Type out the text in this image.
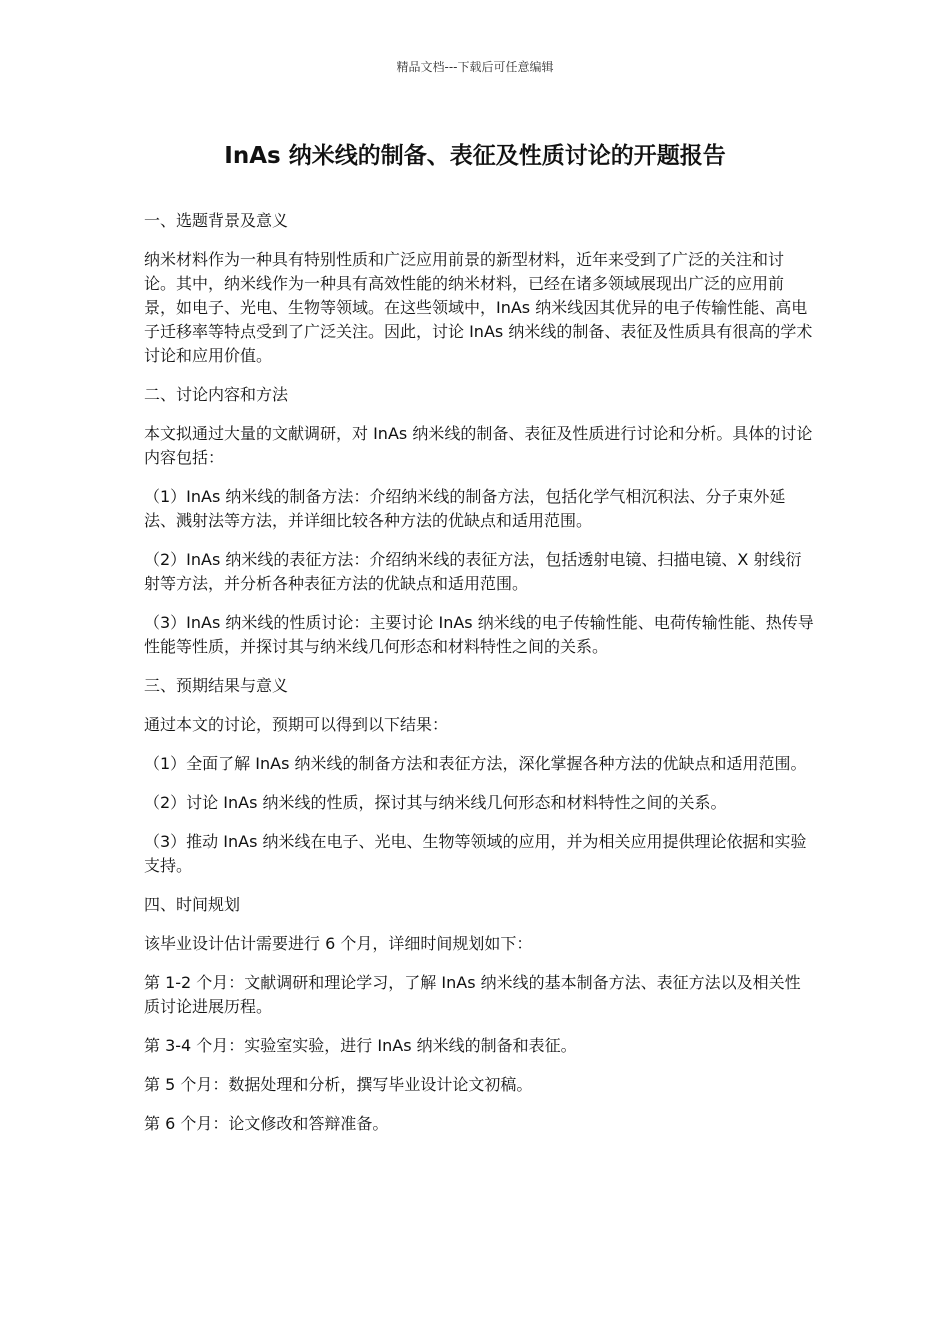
精品文档---下载后可任意编辑
InAs 纳米线的制备、表征及性质讨论的开题报告

一、选题背景及意义

纳米材料作为一种具有特别性质和广泛应用前景的新型材料，近年来受到了广泛的关注和讨论。其中，纳米线作为一种具有高效性能的纳米材料，已经在诸多领域展现出广泛的应用前景，如电子、光电、生物等领域。在这些领域中，InAs 纳米线因其优异的电子传输性能、高电子迁移率等特点受到了广泛关注。因此，讨论 InAs 纳米线的制备、表征及性质具有很高的学术讨论和应用价值。

二、讨论内容和方法

本文拟通过大量的文献调研，对 InAs 纳米线的制备、表征及性质进行讨论和分析。具体的讨论内容包括：

（1）InAs 纳米线的制备方法：介绍纳米线的制备方法，包括化学气相沉积法、分子束外延法、溅射法等方法，并详细比较各种方法的优缺点和适用范围。

（2）InAs 纳米线的表征方法：介绍纳米线的表征方法，包括透射电镜、扫描电镜、X 射线衍射等方法，并分析各种表征方法的优缺点和适用范围。

（3）InAs 纳米线的性质讨论：主要讨论 InAs 纳米线的电子传输性能、电荷传输性能、热传导性能等性质，并探讨其与纳米线几何形态和材料特性之间的关系。

三、预期结果与意义

通过本文的讨论，预期可以得到以下结果：

（1）全面了解 InAs 纳米线的制备方法和表征方法，深化掌握各种方法的优缺点和适用范围。

（2）讨论 InAs 纳米线的性质，探讨其与纳米线几何形态和材料特性之间的关系。

（3）推动 InAs 纳米线在电子、光电、生物等领域的应用，并为相关应用提供理论依据和实验支持。

四、时间规划

该毕业设计估计需要进行 6 个月，详细时间规划如下：

第 1-2 个月：文献调研和理论学习，了解 InAs 纳米线的基本制备方法、表征方法以及相关性质讨论进展历程。

第 3-4 个月：实验室实验，进行 InAs 纳米线的制备和表征。

第 5 个月：数据处理和分析，撰写毕业设计论文初稿。

第 6 个月：论文修改和答辩准备。
